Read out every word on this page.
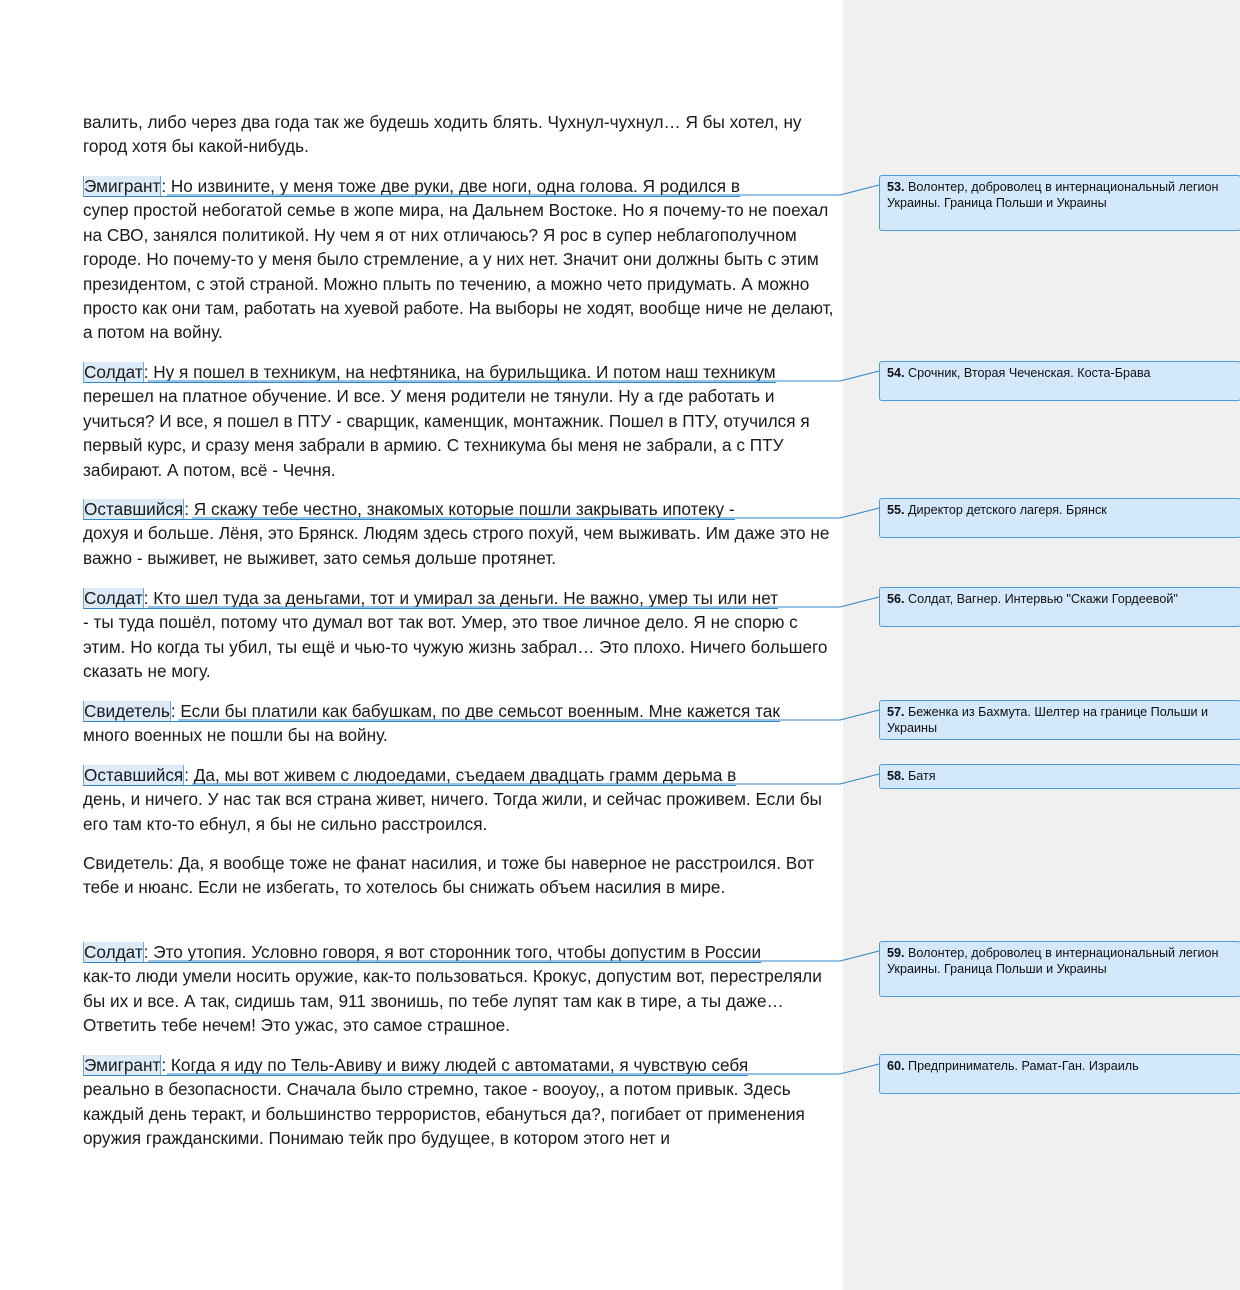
валить, либо через два года так же будешь ходить блять. Чухнул-чухнул… Я бы хотел, ну город хотя бы какой-нибудь.

Эмигрант: Но извините, у меня тоже две руки, две ноги, одна голова. Я родился в
супер простой небогатой семье в жопе мира, на Дальнем Востоке. Но я почему-то не поехал на СВО, занялся политикой. Ну чем я от них отличаюсь? Я рос в супер неблагополучном городе. Но почему-то у меня было стремление, а у них нет. Значит они должны быть с этим президентом, с этой страной. Можно плыть по течению, а можно чето придумать. А можно просто как они там, работать на хуевой работе. На выборы не ходят, вообще ниче не делают, а потом на войну.

Солдат: Ну я пошел в техникум, на нефтяника, на бурильщика. И потом наш техникум
перешел на платное обучение. И все. У меня родители не тянули. Ну а где работать и учиться? И все, я пошел в ПТУ - сварщик, каменщик, монтажник. Пошел в ПТУ, отучился я первый курс, и сразу меня забрали в армию. С техникума бы меня не забрали, а с ПТУ забирают. А потом, всё - Чечня.

Оставшийся: Я скажу тебе честно, знакомых которые пошли закрывать ипотеку -
дохуя и больше. Лёня, это Брянск. Людям здесь строго похуй, чем выживать. Им даже это не важно - выживет, не выживет, зато семья дольше протянет.

Солдат: Кто шел туда за деньгами, тот и умирал за деньги. Не важно, умер ты или нет
- ты туда пошёл, потому что думал вот так вот. Умер, это твое личное дело. Я не спорю с этим. Но когда ты убил, ты ещё и чью-то чужую жизнь забрал… Это плохо. Ничего большего сказать не могу.

Свидетель: Если бы платили как бабушкам, по две семьсот военным. Мне кажется так
много военных не пошли бы на войну.

Оставшийся: Да, мы вот живем с людоедами, съедаем двадцать грамм дерьма в
день, и ничего. У нас так вся страна живет, ничего. Тогда жили, и сейчас проживем. Если бы его там кто-то ебнул, я бы не сильно расстроился.

Свидетель: Да, я вообще тоже не фанат насилия, и тоже бы наверное не расстроился. Вот тебе и нюанс. Если не избегать, то хотелось бы снижать объем насилия в мире.

Солдат: Это утопия. Условно говоря, я вот сторонник того, чтобы допустим в России
как-то люди умели носить оружие, как-то пользоваться. Крокус, допустим вот, перестреляли бы их и все. А так, сидишь там, 911 звонишь, по тебе лупят там как в тире, а ты даже… Ответить тебе нечем! Это ужас, это самое страшное.

Эмигрант: Когда я иду по Тель-Авиву и вижу людей с автоматами, я чувствую себя
реально в безопасности. Сначала было стремно, такое - вооуоу,, а потом привык. Здесь каждый день теракт, и большинство террористов, ебануться да?, погибает от применения оружия гражданскими. Понимаю тейк про будущее, в котором этого нет и

53. Волонтер, доброволец в интернациональный легион Украины. Граница Польши и Украины
54. Срочник, Вторая Чеченская. Коста-Брава
55. Директор детского лагеря. Брянск
56. Солдат, Вагнер. Интервью "Скажи Гордеевой"
57. Беженка из Бахмута. Шелтер на границе Польши и Украины
58. Батя
59. Волонтер, доброволец в интернациональный легион Украины. Граница Польши и Украины
60. Предприниматель. Рамат-Ган. Израиль
